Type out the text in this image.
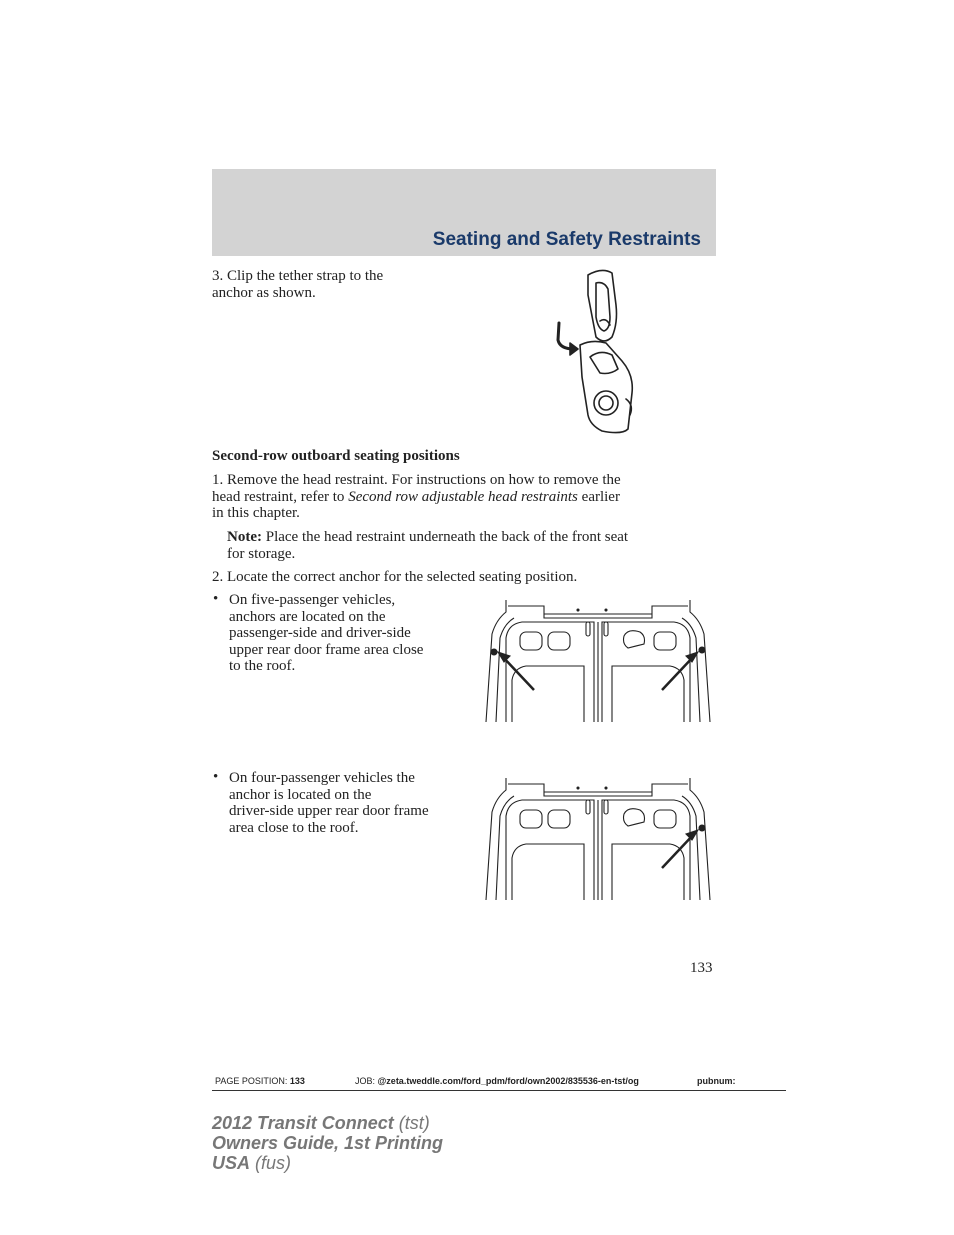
Seating and Safety Restraints
3. Clip the tether strap to the
anchor as shown.
Second-row outboard seating positions
1. Remove the head restraint. For instructions on how to remove the
head restraint, refer to Second row adjustable head restraints earlier
in this chapter.
Note: Place the head restraint underneath the back of the front seat
for storage.
2. Locate the correct anchor for the selected seating position.
• On five-passenger vehicles,
anchors are located on the
passenger-side and driver-side
upper rear door frame area close
to the roof.
• On four-passenger vehicles the
anchor is located on the
driver-side upper rear door frame
area close to the roof.
133
PAGE POSITION: 133	JOB: @zeta.tweddle.com/ford_pdm/ford/own2002/835536-en-tst/og	pubnum:
2012 Transit Connect (tst)
Owners Guide, 1st Printing
USA (fus)
